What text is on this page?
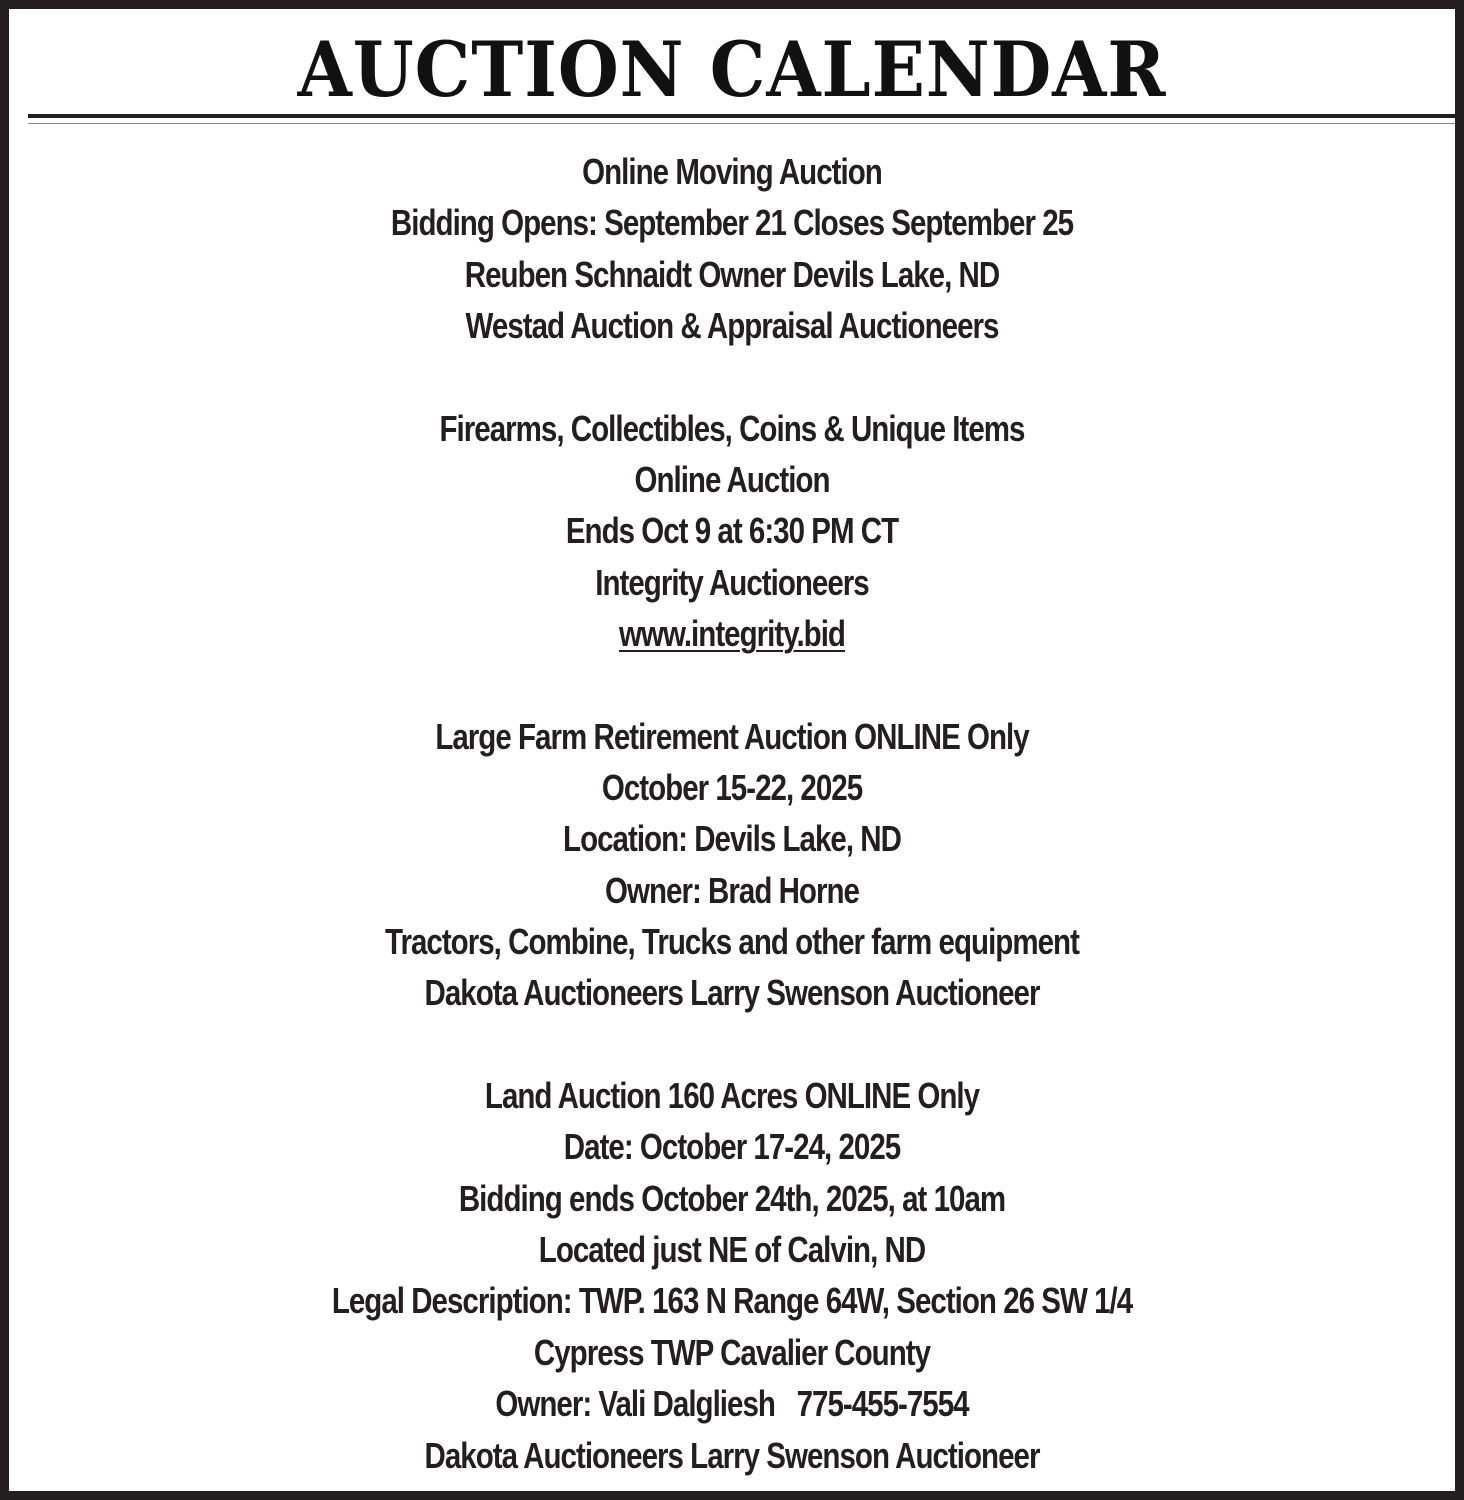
AUCTION CALENDAR
Online Moving Auction
Bidding Opens: September 21 Closes September 25
Reuben Schnaidt Owner Devils Lake, ND
Westad Auction & Appraisal Auctioneers
Firearms, Collectibles, Coins & Unique Items
Online Auction
Ends Oct 9 at 6:30 PM CT
Integrity Auctioneers
www.integrity.bid
Large Farm Retirement Auction ONLINE Only
October 15-22, 2025
Location: Devils Lake, ND
Owner: Brad Horne
Tractors, Combine, Trucks and other farm equipment
Dakota Auctioneers Larry Swenson Auctioneer
Land Auction 160 Acres ONLINE Only
Date: October 17-24, 2025
Bidding ends October 24th, 2025, at 10am
Located just NE of Calvin, ND
Legal Description: TWP. 163 N Range 64W, Section 26 SW 1/4
Cypress TWP Cavalier County
Owner: Vali Dalgliesh   775-455-7554
Dakota Auctioneers Larry Swenson Auctioneer
